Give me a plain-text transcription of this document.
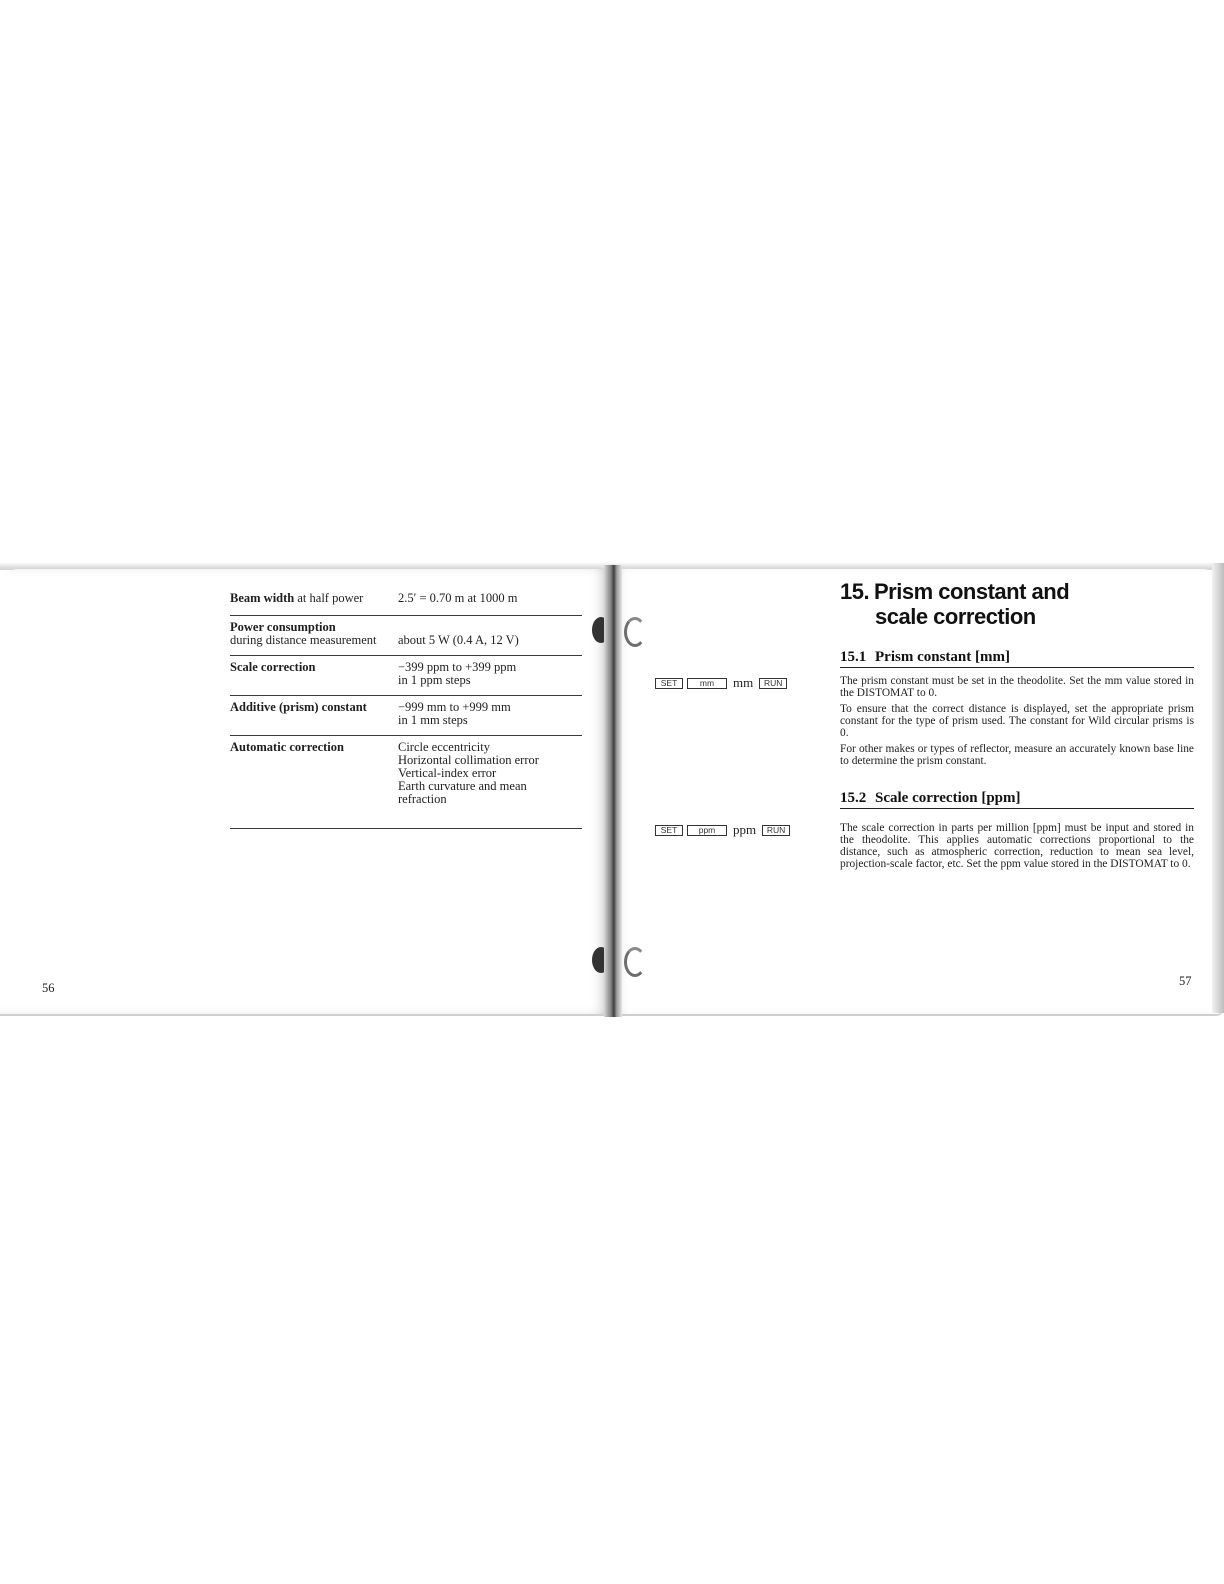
Beam width at half power	2.5′ = 0.70 m at 1000 m
Power consumption
during distance measurement	about 5 W (0.4 A, 12 V)
Scale correction	−399 ppm to +399 ppm
in 1 ppm steps
Additive (prism) constant −999 mm to +999 mm
in 1 mm steps
Automatic correction	Circle eccentricity
Horizontal collimation error
Vertical-index error
Earth curvature and mean
refraction
56
15. Prism constant and
scale correction
15.1 Prism constant [mm]
SET	mm	mm	RUN	The prism constant must be set in the theodolite. Set the mm value stored in the DISTOMAT to 0.
To ensure that the correct distance is displayed, set the appropriate prism constant for the type of prism used. The constant for Wild circular prisms is 0.
For other makes or types of reflector, measure an accurately known base line to determine the prism constant.
15.2 Scale correction [ppm]
SET	ppm	ppm	RUN	The scale correction in parts per million [ppm] must be input and stored in the theodolite. This applies automatic corrections proportional to the distance, such as atmospheric correction, reduction to mean sea level, projection-scale factor, etc. Set the ppm value stored in the DISTOMAT to 0.
57
